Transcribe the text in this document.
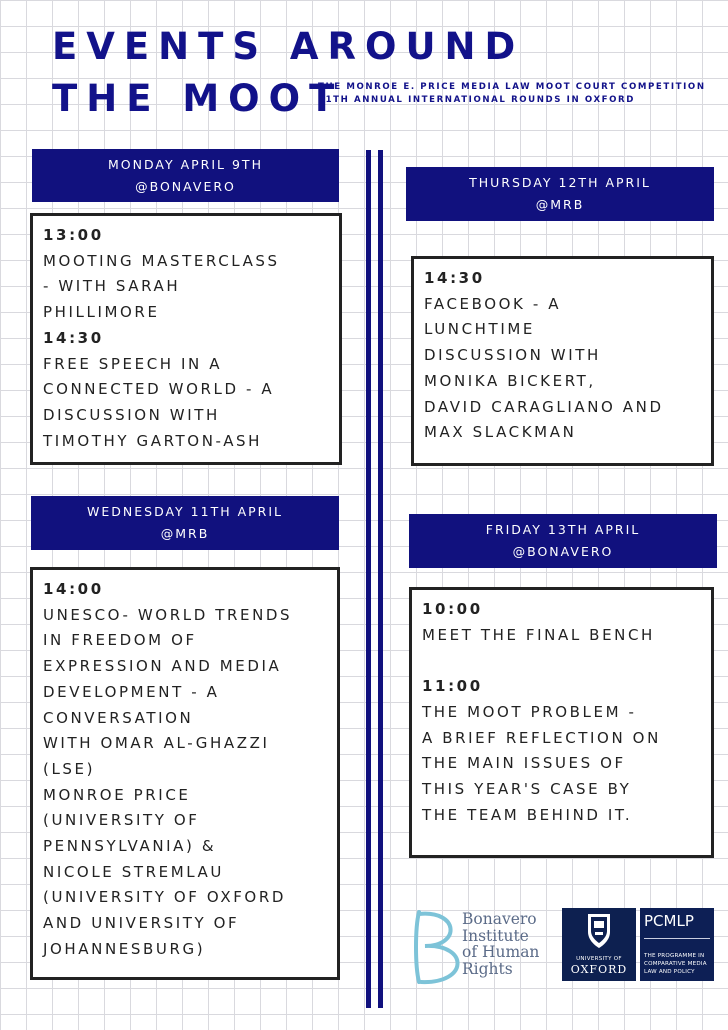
EVENTS AROUND
THE MOOT
THE MONROE E. PRICE MEDIA LAW MOOT COURT COMPETITION
11TH ANNUAL INTERNATIONAL ROUNDS IN OXFORD
MONDAY APRIL 9TH
@BONAVERO
13:00
MOOTING MASTERCLASS
- WITH SARAH
PHILLIMORE
14:30
FREE SPEECH IN A
CONNECTED WORLD - A
DISCUSSION WITH
TIMOTHY GARTON-ASH
WEDNESDAY 11TH APRIL
@MRB
14:00
UNESCO- WORLD TRENDS
IN FREEDOM OF
EXPRESSION AND MEDIA
DEVELOPMENT - A
CONVERSATION
WITH OMAR AL-GHAZZI
(LSE)
MONROE PRICE
(UNIVERSITY OF
PENNSYLVANIA) &
NICOLE STREMLAU
(UNIVERSITY OF OXFORD
AND UNIVERSITY OF
JOHANNESBURG)
THURSDAY 12TH APRIL
@MRB
14:30
FACEBOOK - A
LUNCHTIME
DISCUSSION WITH
MONIKA BICKERT,
DAVID CARAGLIANO AND
MAX SLACKMAN
FRIDAY 13TH APRIL
@BONAVERO
10:00
MEET THE FINAL BENCH
11:00
THE MOOT PROBLEM -
A BRIEF REFLECTION ON
THE MAIN ISSUES OF
THIS YEAR'S CASE BY
THE TEAM BEHIND IT.
Bonavero
Institute
of Human
Rights
UNIVERSITY OF
OXFORD
PCMLP
THE PROGRAMME IN
COMPARATIVE MEDIA
LAW AND POLICY
